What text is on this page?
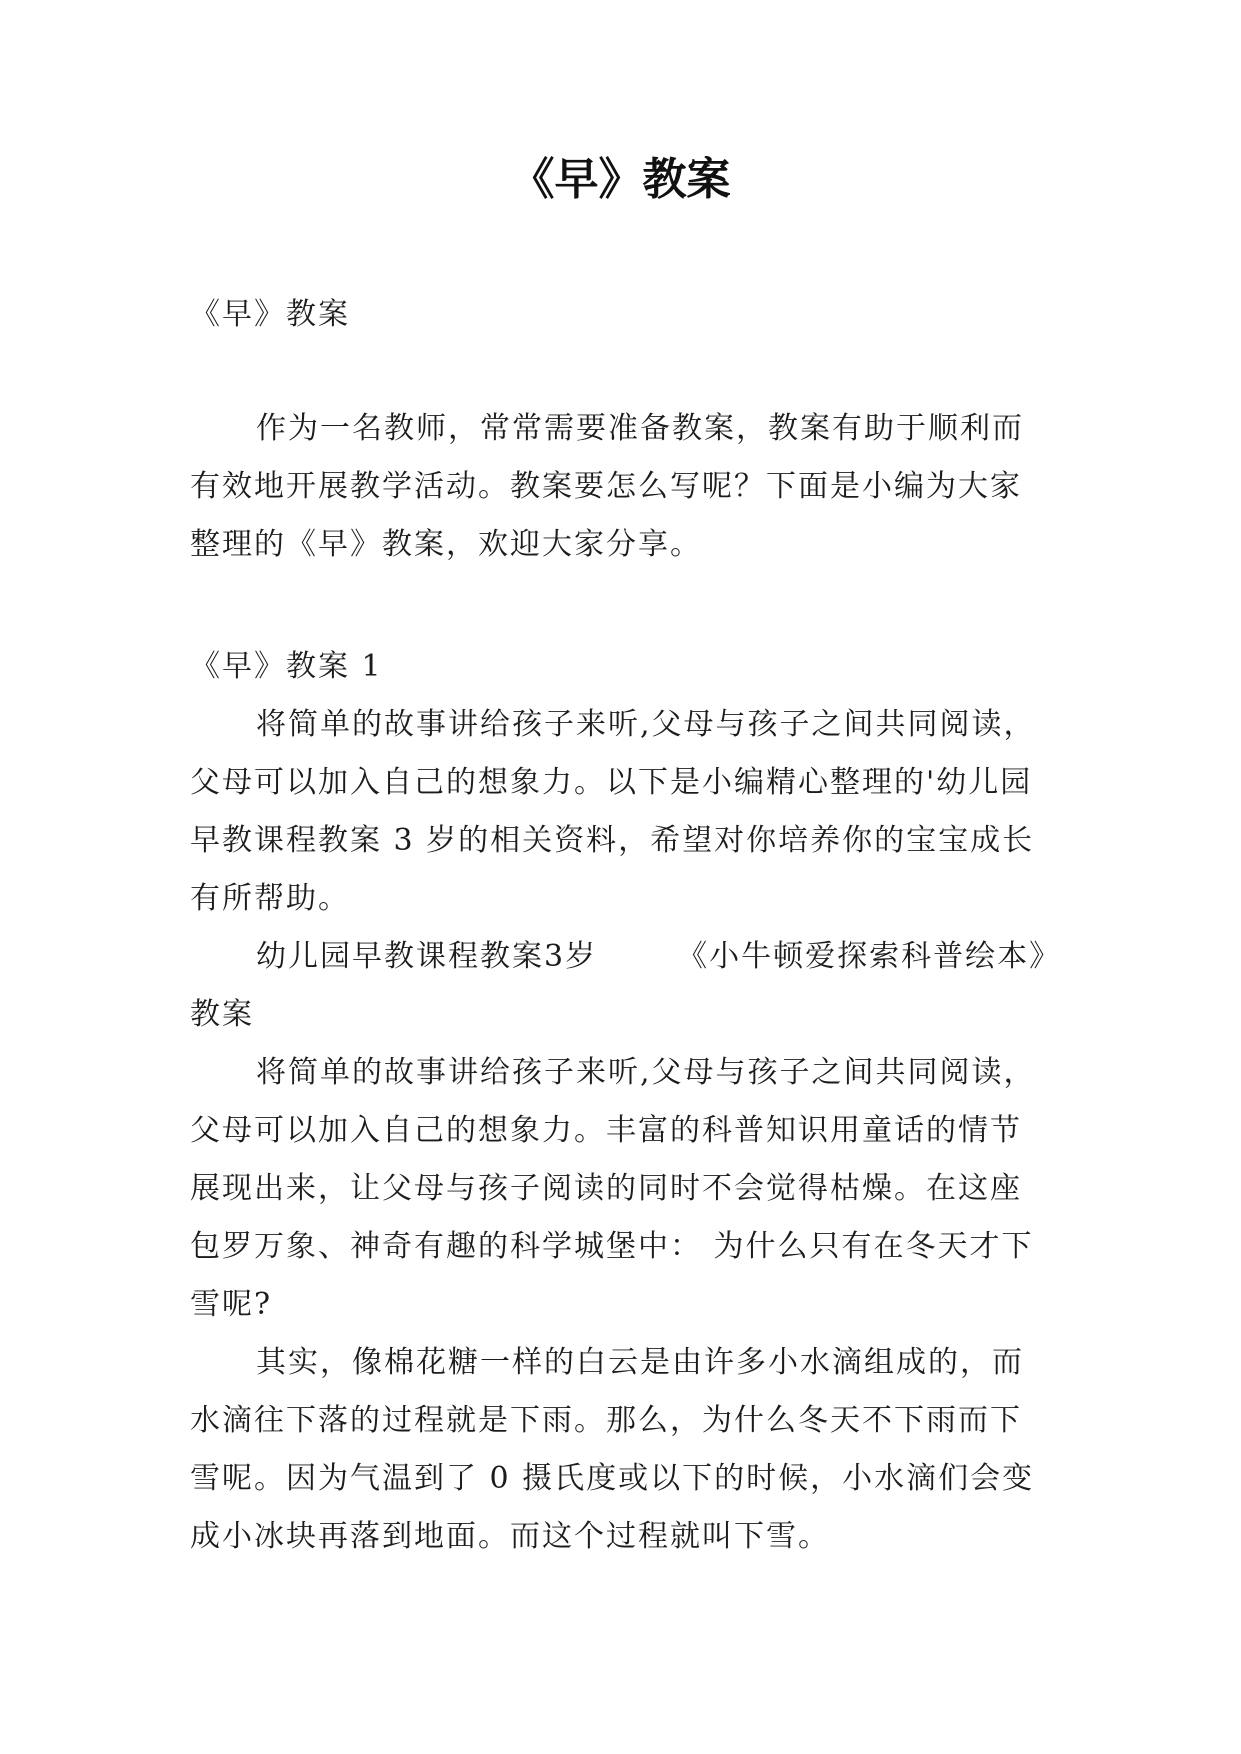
《早》教案

《早》教案

作为一名教师，常常需要准备教案，教案有助于顺利而有效地开展教学活动。教案要怎么写呢？下面是小编为大家整理的《早》教案，欢迎大家分享。

《早》教案 1

将简单的故事讲给孩子来听,父母与孩子之间共同阅读，父母可以加入自己的想象力。以下是小编精心整理的'幼儿园早教课程教案 3 岁的相关资料，希望对你培养你的宝宝成长有所帮助。

幼儿园早教课程教案3岁	《小牛顿爱探索科普绘本》教案

将简单的故事讲给孩子来听,父母与孩子之间共同阅读，父母可以加入自己的想象力。丰富的科普知识用童话的情节展现出来，让父母与孩子阅读的同时不会觉得枯燥。在这座包罗万象、神奇有趣的科学城堡中： 为什么只有在冬天才下雪呢?

其实，像棉花糖一样的白云是由许多小水滴组成的，而水滴往下落的过程就是下雨。那么，为什么冬天不下雨而下雪呢。因为气温到了 0 摄氏度或以下的时候，小水滴们会变成小冰块再落到地面。而这个过程就叫下雪。
